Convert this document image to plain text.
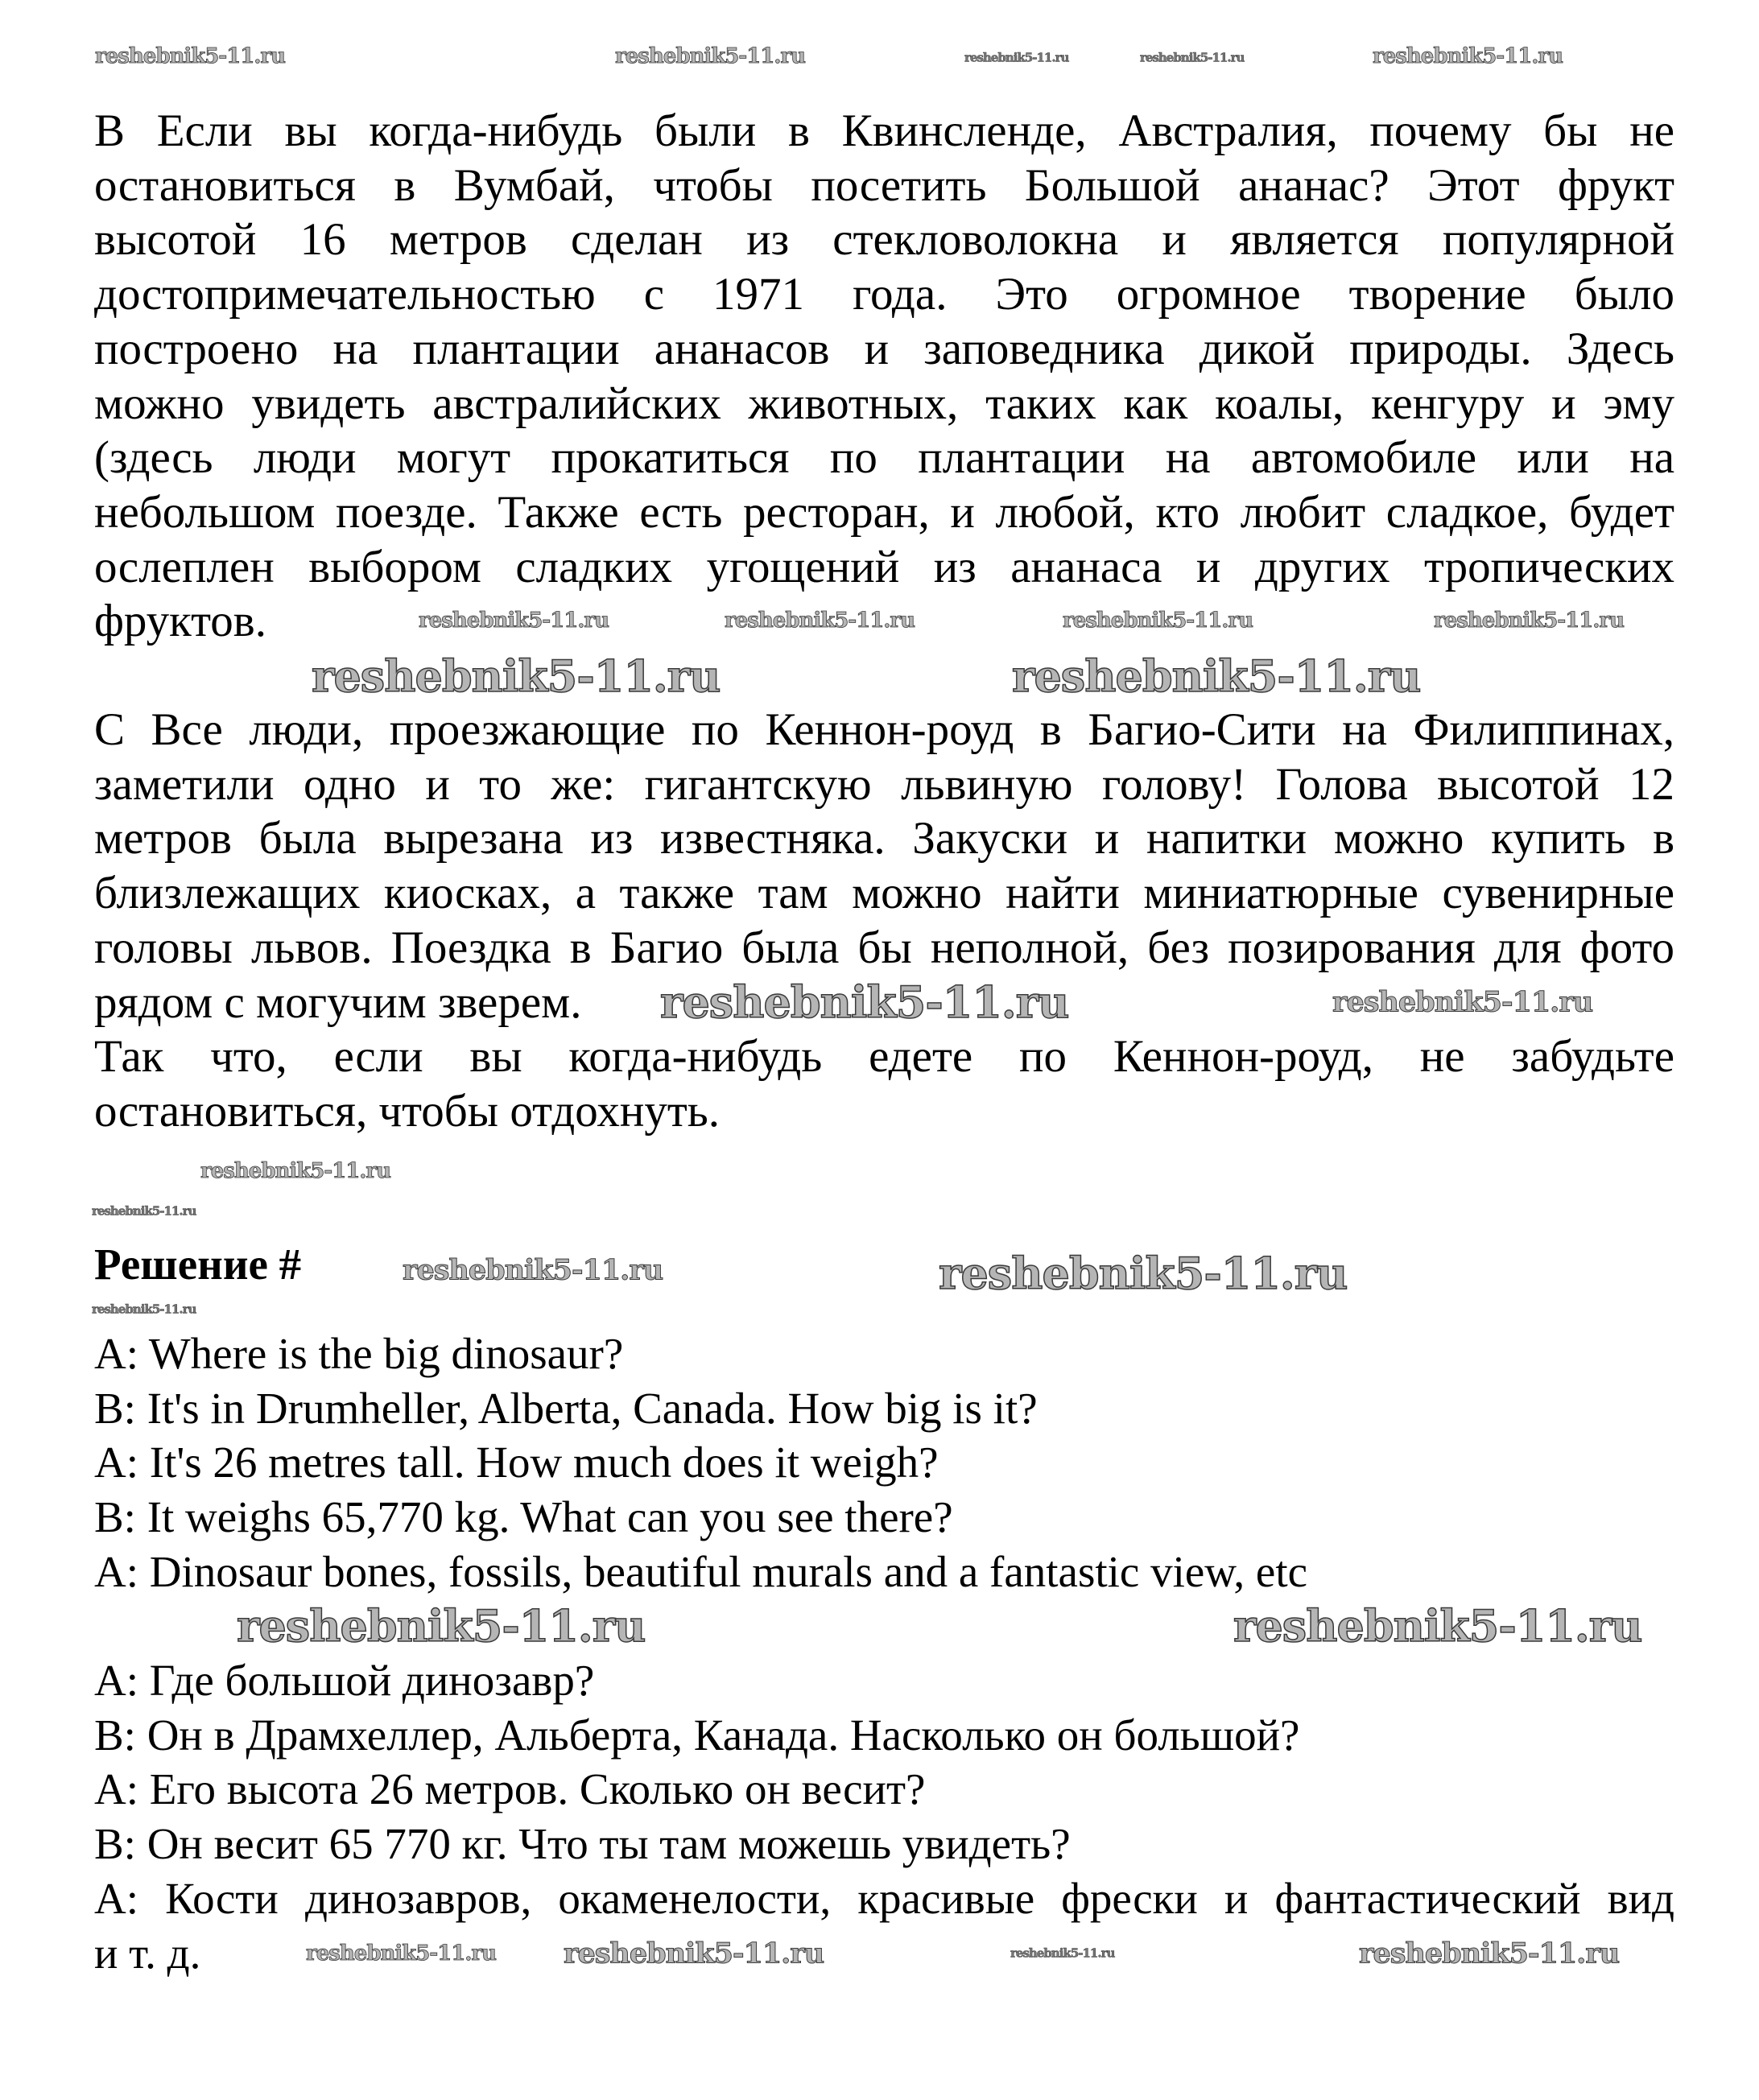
В Если вы когда-нибудь были в Квинсленде, Австралия, почему бы не
остановиться в Вумбай, чтобы посетить Большой ананас? Этот фрукт
высотой 16 метров сделан из стекловолокна и является популярной
достопримечательностью с 1971 года. Это огромное творение было
построено на плантации ананасов и заповедника дикой природы. Здесь
можно увидеть австралийских животных, таких как коалы, кенгуру и эму
(здесь люди могут прокатиться по плантации на автомобиле или на
небольшом поезде. Также есть ресторан, и любой, кто любит сладкое, будет
ослеплен выбором сладких угощений из ананаса и других тропических
фруктов.
С Все люди, проезжающие по Кеннон-роуд в Багио-Сити на Филиппинах,
заметили одно и то же: гигантскую львиную голову! Голова высотой 12
метров была вырезана из известняка. Закуски и напитки можно купить в
близлежащих киосках, а также там можно найти миниатюрные сувенирные
головы львов. Поездка в Багио была бы неполной, без позирования для фото
рядом с могучим зверем.
Так что, если вы когда-нибудь едете по Кеннон-роуд, не забудьте
остановиться, чтобы отдохнуть.
Решение #
A: Where is the big dinosaur?
B: It's in Drumheller, Alberta, Canada. How big is it?
A: It's 26 metres tall. How much does it weigh?
B: It weighs 65,770 kg. What can you see there?
A: Dinosaur bones, fossils, beautiful murals and a fantastic view, etc
А: Где большой динозавр?
В: Он в Драмхеллер, Альберта, Канада. Насколько он большой?
А: Его высота 26 метров. Сколько он весит?
В: Он весит 65 770 кг. Что ты там можешь увидеть?
А: Кости динозавров, окаменелости, красивые фрески и фантастический вид
и т. д.
reshebnik5-11.ru	reshebnik5-11.ru	reshebnik5-11.ru
reshebnik5-11.ru	reshebnik5-11.ru
reshebnik5-11.ru	reshebnik5-11.ru	reshebnik5-11.ru	reshebnik5-11.ru
reshebnik5-11.ru	reshebnik5-11.ru
reshebnik5-11.ru	reshebnik5-11.ru
reshebnik5-11.ru
reshebnik5-11.ru
reshebnik5-11.ru	reshebnik5-11.ru
reshebnik5-11.ru
reshebnik5-11.ru	reshebnik5-11.ru
reshebnik5-11.ru reshebnik5-11.ru	reshebnik5-11.ru	reshebnik5-11.ru
